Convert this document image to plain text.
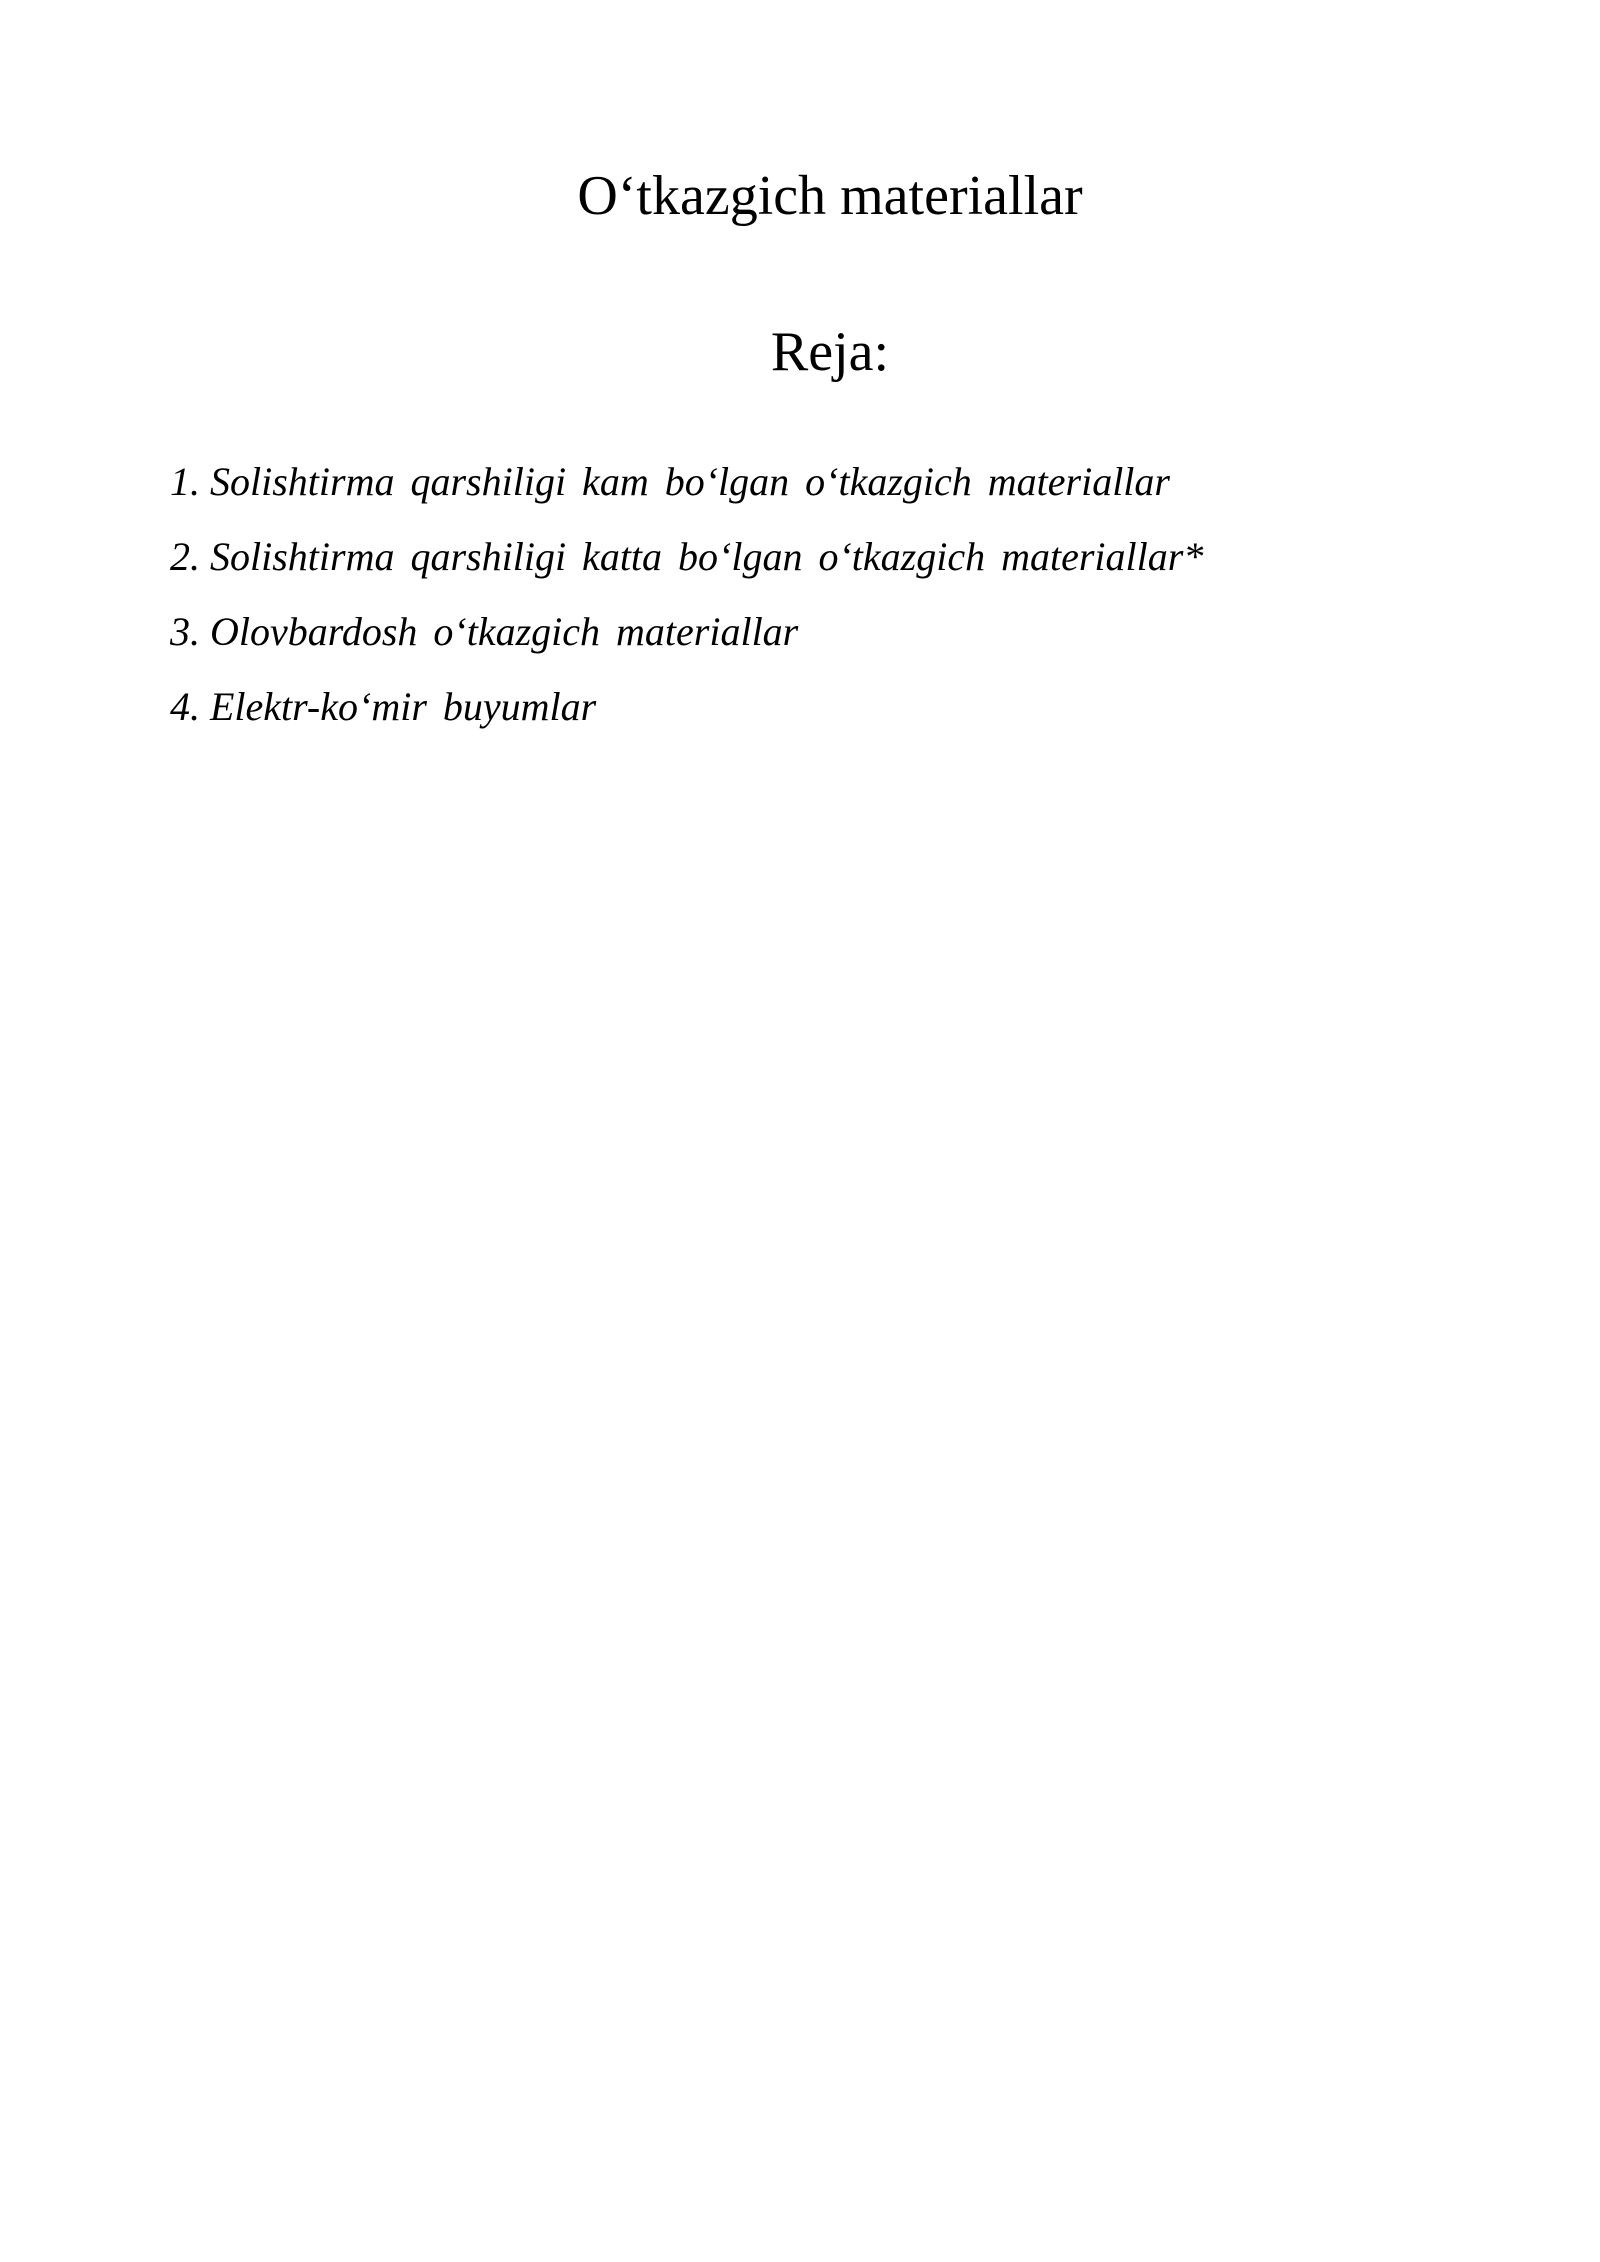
O‘tkazgich materiallar
Reja:
1. Solishtirma qarshiligi kam bo‘lgan o‘tkazgich materiallar
2. Solishtirma qarshiligi katta bo‘lgan o‘tkazgich materiallar*
3. Olovbardosh o‘tkazgich materiallar
4. Elektr-ko‘mir buyumlar
